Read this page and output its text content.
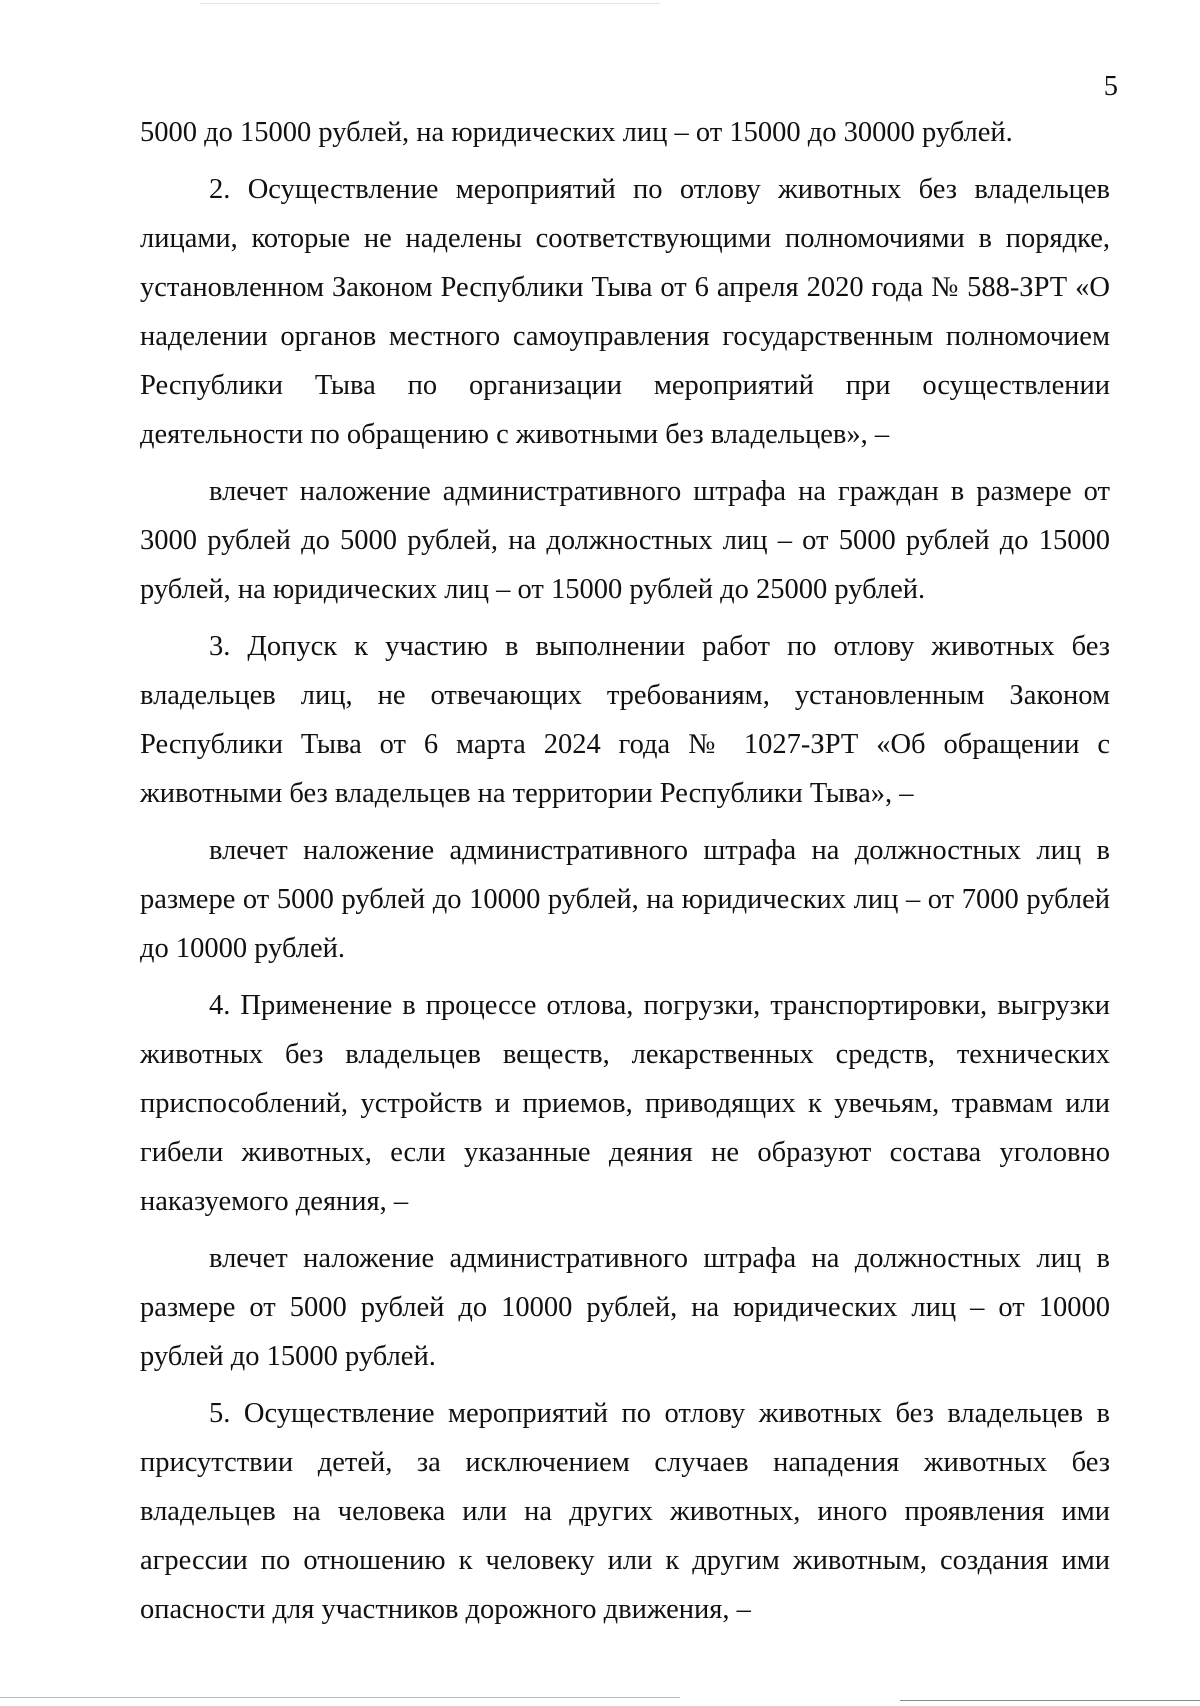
5

5000 до 15000 рублей, на юридических лиц – от 15000 до 30000 рублей.

2. Осуществление мероприятий по отлову животных без владельцев лицами, которые не наделены соответствующими полномочиями в порядке, установленном Законом Республики Тыва от 6 апреля 2020 года № 588-ЗРТ «О наделении органов местного самоуправления государственным полномочием Республики Тыва по организации мероприятий при осуществлении деятельности по обращению с животными без владельцев», –

влечет наложение административного штрафа на граждан в размере от 3000 рублей до 5000 рублей, на должностных лиц – от 5000 рублей до 15000 рублей, на юридических лиц – от 15000 рублей до 25000 рублей.

3. Допуск к участию в выполнении работ по отлову животных без владельцев лиц, не отвечающих требованиям, установленным Законом Республики Тыва от 6 марта 2024 года № 1027-ЗРТ «Об обращении с животными без владельцев на территории Республики Тыва», –

влечет наложение административного штрафа на должностных лиц в размере от 5000 рублей до 10000 рублей, на юридических лиц – от 7000 рублей до 10000 рублей.

4. Применение в процессе отлова, погрузки, транспортировки, выгрузки животных без владельцев веществ, лекарственных средств, технических приспособлений, устройств и приемов, приводящих к увечьям, травмам или гибели животных, если указанные деяния не образуют состава уголовно наказуемого деяния, –

влечет наложение административного штрафа на должностных лиц в размере от 5000 рублей до 10000 рублей, на юридических лиц – от 10000 рублей до 15000 рублей.

5. Осуществление мероприятий по отлову животных без владельцев в присутствии детей, за исключением случаев нападения животных без владельцев на человека или на других животных, иного проявления ими агрессии по отношению к человеку или к другим животным, создания ими опасности для участников дорожного движения, –
